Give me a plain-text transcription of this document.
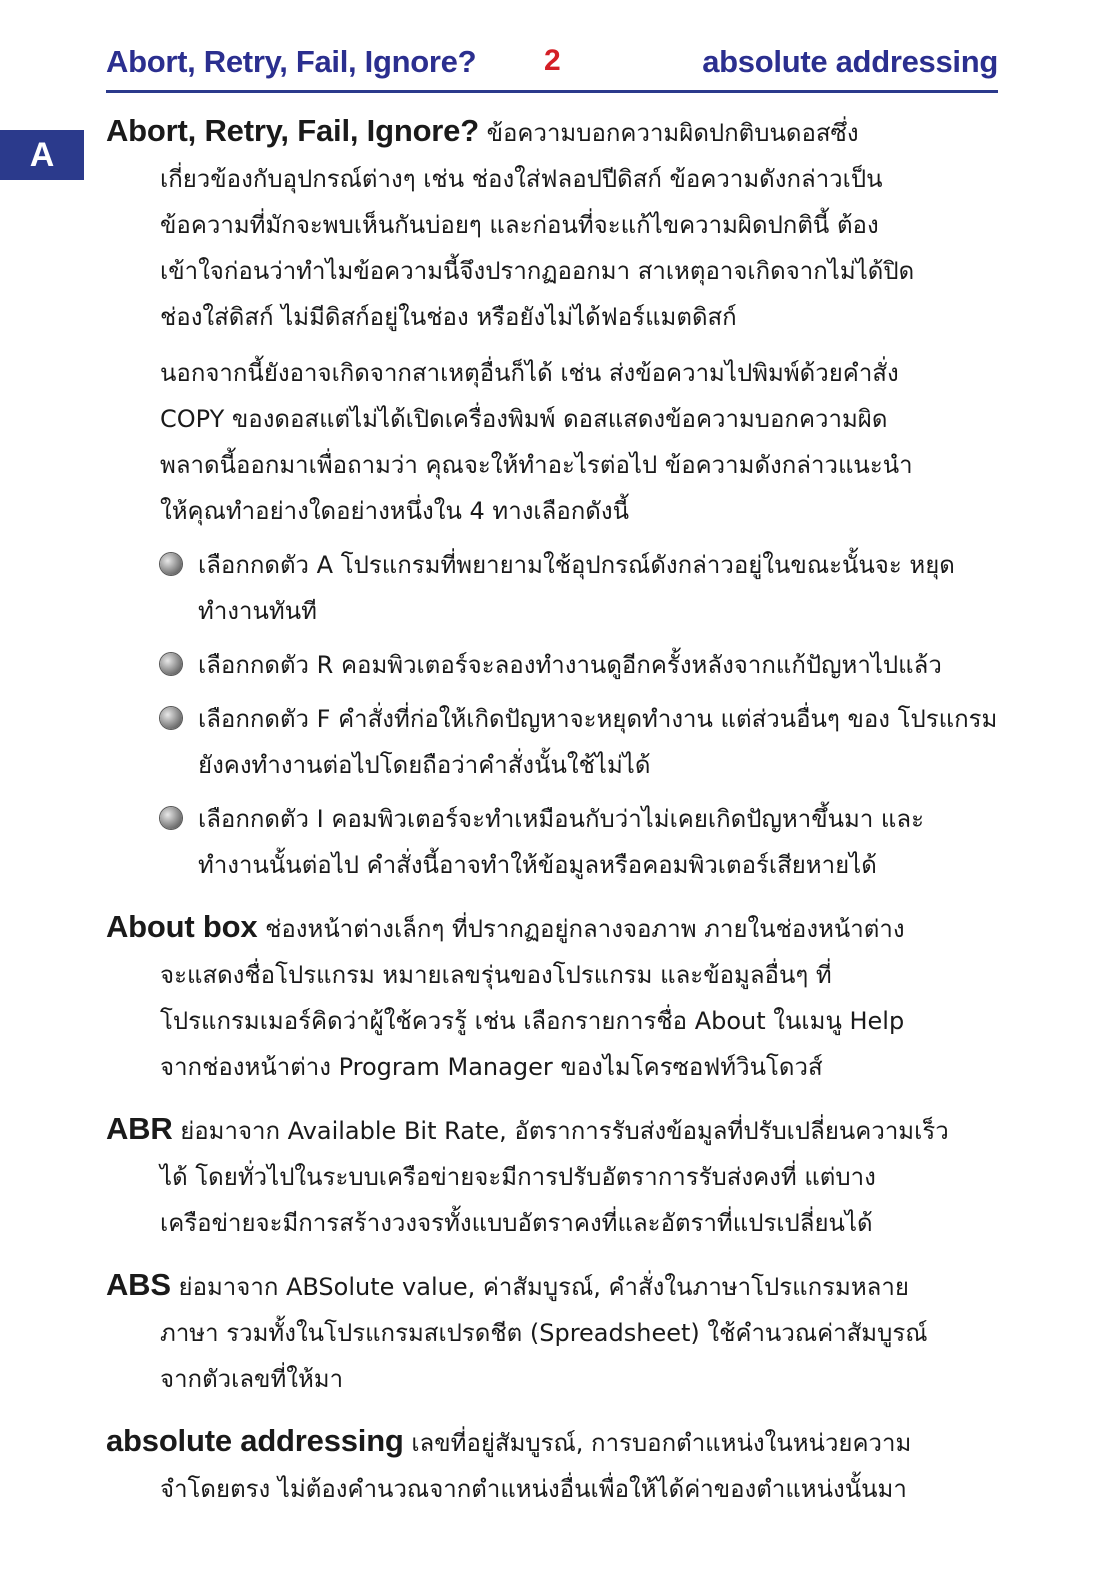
Abort, Retry, Fail, Ignore? 2	absolute addressing
A
Abort, Retry, Fail, Ignore? ข้อความบอกความผิดปกติบนดอสซึ่ง
เกี่ยวข้องกับอุปกรณ์ต่างๆ เช่น ช่องใส่ฟลอปปีดิสก์ ข้อความดังกล่าวเป็น
ข้อความที่มักจะพบเห็นกันบ่อยๆ และก่อนที่จะแก้ไขความผิดปกตินี้ ต้อง
เข้าใจก่อนว่าทำไมข้อความนี้จึงปรากฏออกมา สาเหตุอาจเกิดจากไม่ได้ปิด
ช่องใส่ดิสก์ ไม่มีดิสก์อยู่ในช่อง หรือยังไม่ได้ฟอร์แมตดิสก์
นอกจากนี้ยังอาจเกิดจากสาเหตุอื่นก็ได้ เช่น ส่งข้อความไปพิมพ์ด้วยคำสั่ง
COPY ของดอสแต่ไม่ได้เปิดเครื่องพิมพ์ ดอสแสดงข้อความบอกความผิด
พลาดนี้ออกมาเพื่อถามว่า คุณจะให้ทำอะไรต่อไป ข้อความดังกล่าวแนะนำ
ให้คุณทำอย่างใดอย่างหนึ่งใน 4 ทางเลือกดังนี้
เลือกกดตัว A โปรแกรมที่พยายามใช้อุปกรณ์ดังกล่าวอยู่ในขณะนั้นจะ หยุดทำงานทันที
เลือกกดตัว R คอมพิวเตอร์จะลองทำงานดูอีกครั้งหลังจากแก้ปัญหาไปแล้ว
เลือกกดตัว F คำสั่งที่ก่อให้เกิดปัญหาจะหยุดทำงาน แต่ส่วนอื่นๆ ของ โปรแกรมยังคงทำงานต่อไปโดยถือว่าคำสั่งนั้นใช้ไม่ได้
เลือกกดตัว I คอมพิวเตอร์จะทำเหมือนกับว่าไม่เคยเกิดปัญหาขึ้นมา และ ทำงานนั้นต่อไป คำสั่งนี้อาจทำให้ข้อมูลหรือคอมพิวเตอร์เสียหายได้
About box ช่องหน้าต่างเล็กๆ ที่ปรากฏอยู่กลางจอภาพ ภายในช่องหน้าต่าง
จะแสดงชื่อโปรแกรม หมายเลขรุ่นของโปรแกรม และข้อมูลอื่นๆ ที่
โปรแกรมเมอร์คิดว่าผู้ใช้ควรรู้ เช่น เลือกรายการชื่อ About ในเมนู Help
จากช่องหน้าต่าง Program Manager ของไมโครซอฟท์วินโดวส์
ABR ย่อมาจาก Available Bit Rate, อัตราการรับส่งข้อมูลที่ปรับเปลี่ยนความเร็ว
ได้ โดยทั่วไปในระบบเครือข่ายจะมีการปรับอัตราการรับส่งคงที่ แต่บาง
เครือข่ายจะมีการสร้างวงจรทั้งแบบอัตราคงที่และอัตราที่แปรเปลี่ยนได้
ABS ย่อมาจาก ABSolute value, ค่าสัมบูรณ์, คำสั่งในภาษาโปรแกรมหลาย
ภาษา รวมทั้งในโปรแกรมสเปรดชีต (Spreadsheet) ใช้คำนวณค่าสัมบูรณ์
จากตัวเลขที่ให้มา
absolute addressing เลขที่อยู่สัมบูรณ์, การบอกตำแหน่งในหน่วยความ
จำโดยตรง ไม่ต้องคำนวณจากตำแหน่งอื่นเพื่อให้ได้ค่าของตำแหน่งนั้นมา
